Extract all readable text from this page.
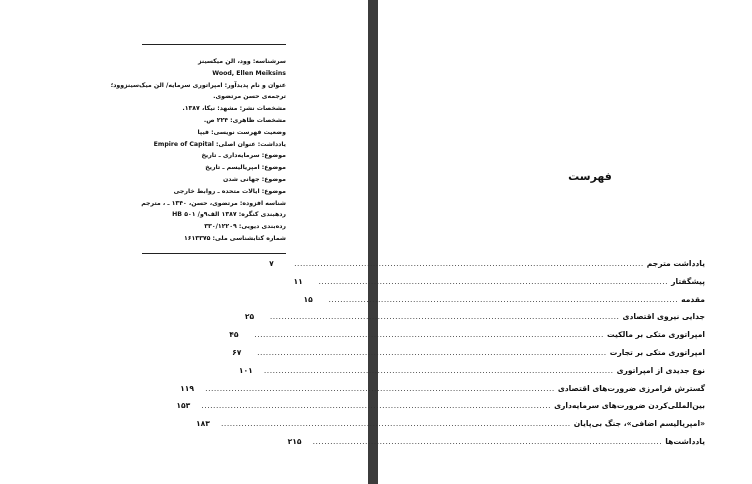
سرشناسه: وود، الن میکسینز
Wood, Ellen Meiksins
عنوان و نام پدیدآور: امپراتوری سرمایه/ الن میک‌سینزوود؛
ترجمه‌ی حسن مرتضوی.
مشخصات نشر: مشهد: نیکا، ۱۳۸۷.
مشخصات ظاهری: ۲۲۴ ص.
وضعیت فهرست نویسی: فیپا
یادداشت: عنوان اصلی: Empire of Capital
موضوع: سرمایه‌داری ـ تاریخ
موضوع: امپریالیسم ـ تاریخ
موضوع: جهانی شدن
موضوع: ایالات متحده ـ روابط خارجی
شناسه افزوده: مرتضوی، حسن، ۱۳۴۰ ـ ، مترجم
ردهبندی کنگره: ۱۳۸۷ الف۹و/ ۵۰۱ HB
رده‌بندی دیویی: ۳۳۰/۱۲۲۰۹
شماره کتابشناسی ملی: ۱۶۱۳۳۷۵
فهرست
یادداشت مترجم
.....
۷
پیشگفتار
.....
۱۱
مقدمه
.....
۱۵
جدایی نیروی اقتصادی
.....
۲۵
امپراتوری متکی بر مالکیت
.....
۴۵
امپراتوری متکی بر تجارت
.....
۶۷
نوع جدیدی از امپراتوری
.....
۱۰۱
گسترش فرامرزی ضرورت‌های اقتصادی
.....
۱۱۹
بین‌المللی‌کردن ضرورت‌های سرمایه‌داری
.....
۱۵۳
«امپریالیسم اضافی»، جنگ بی‌پایان
.....
۱۸۳
یادداشت‌ها
.....
۲۱۵
